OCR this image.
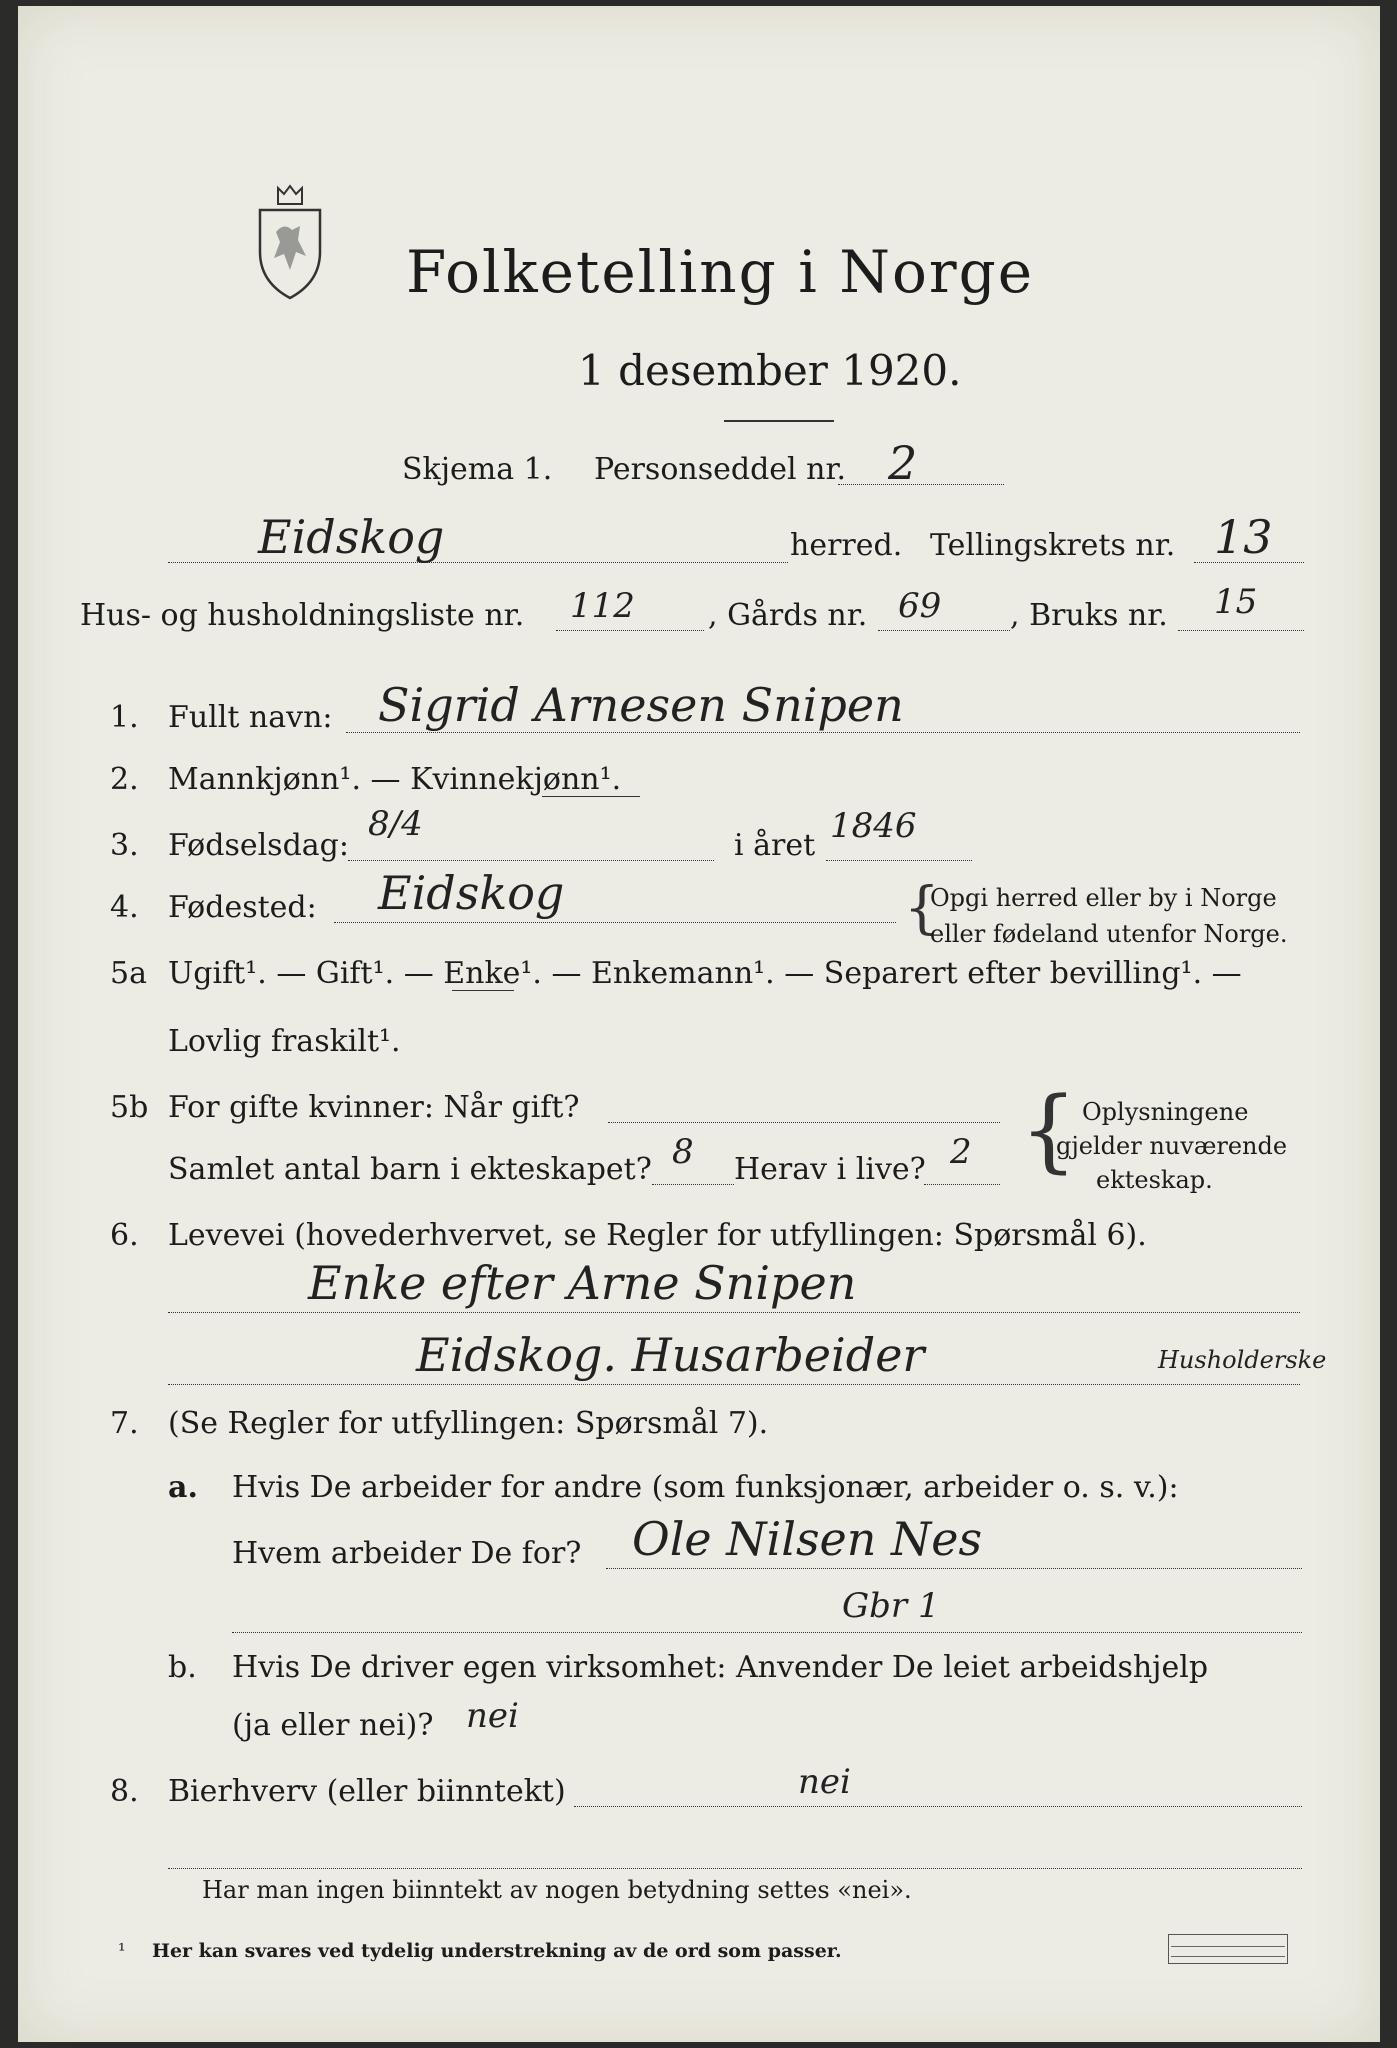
Folketelling i Norge
1 desember 1920.
Skjema 1. Personseddel nr. 2
Eidskog	herred. Tellingskrets nr. 13
Hus- og husholdningsliste nr. 112 , Gårds nr. 69 , Bruks nr. 15
1. Fullt navn: Sigrid Arnesen Snipen
2. Mannkjønn¹. — Kvinnekjønn¹.
3. Fødselsdag:
8/4
i året 1846
4. Fødested: Eidskog	{
Opgi herred eller by i Norge
eller fødeland utenfor Norge.
5a Ugift¹. — Gift¹. — Enke¹. — Enkemann¹. — Separert efter bevilling¹. —
Lovlig fraskilt¹.
5b For gifte kvinner: Når gift?
Samlet antal barn i ekteskapet? 8 Herav i live? 2 { Oplysningene
gjelder nuværende
ekteskap.
6. Levevei (hovederhvervet, se Regler for utfyllingen: Spørsmål 6).
Enke efter Arne Snipen
Eidskog. Husarbeider	Husholderske
7. (Se Regler for utfyllingen: Spørsmål 7).
a. Hvis De arbeider for andre (som funksjonær, arbeider o. s. v.):
Hvem arbeider De for? Ole Nilsen Nes
Gbr 1
b. Hvis De driver egen virksomhet: Anvender De leiet arbeidshjelp
(ja eller nei)? nei
8. Bierhverv (eller biinntekt)	nei
Har man ingen biinntekt av nogen betydning settes «nei».
¹ Her kan svares ved tydelig understrekning av de ord som passer.
